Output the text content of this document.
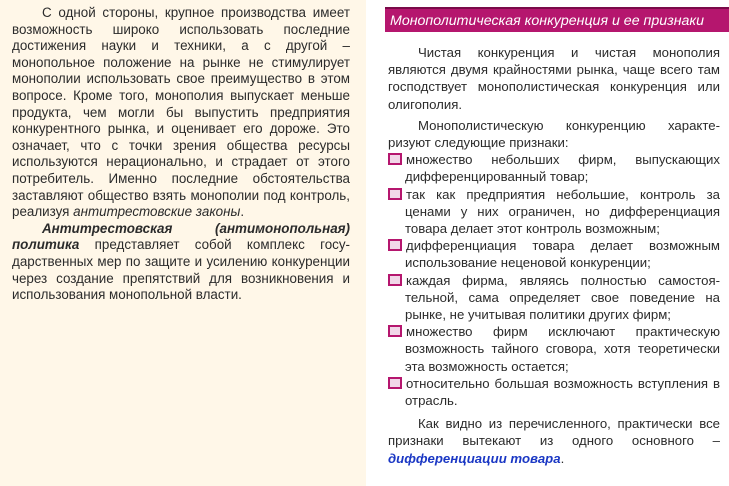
С одной стороны, крупное производства имеет возможность широко использовать последние достижения науки и техники, а с другой – монопольное положение на рынке не стимулирует монополии использовать свое преимущество в этом вопросе. Кроме того, монополия выпускает меньше продукта, чем могли бы выпустить предприятия конкурентного рынка, и оценивает его дороже. Это означает, что с точки зрения общества ресурсы используются нерационально, и страдает от этого потребитель. Именно последние обстоятельства заставляют общество взять монополии под контроль, реализуя антитрестовские законы.

Антитрестовская (антимонопольная) политика представляет собой комплекс государственных мер по защите и усилению конкуренции через создание препятствий для возникновения и использования монопольной власти.

Монополитическая конкуренция и ее признаки

Чистая конкуренция и чистая монополия являются двумя крайностями рынка, чаще всего там господствует монополистическая конкуренция или олигополия.

Монополистическую конкуренцию характеризуют следующие признаки:

множество небольших фирм, выпускающих дифференцированный товар;

так как предприятия небольшие, контроль за ценами у них ограничен, но дифференциация товара делает этот контроль возможным;

дифференциация товара делает возможным использование неценовой конкуренции;

каждая фирма, являясь полностью самостоятельной, сама определяет свое поведение на рынке, не учитывая политики других фирм;

множество фирм исключают практическую возможность тайного сговора, хотя теоретически эта возможность остается;

относительно большая возможность вступления в отрасль.

Как видно из перечисленного, практически все признаки вытекают из одного основного – дифференциации товара.
